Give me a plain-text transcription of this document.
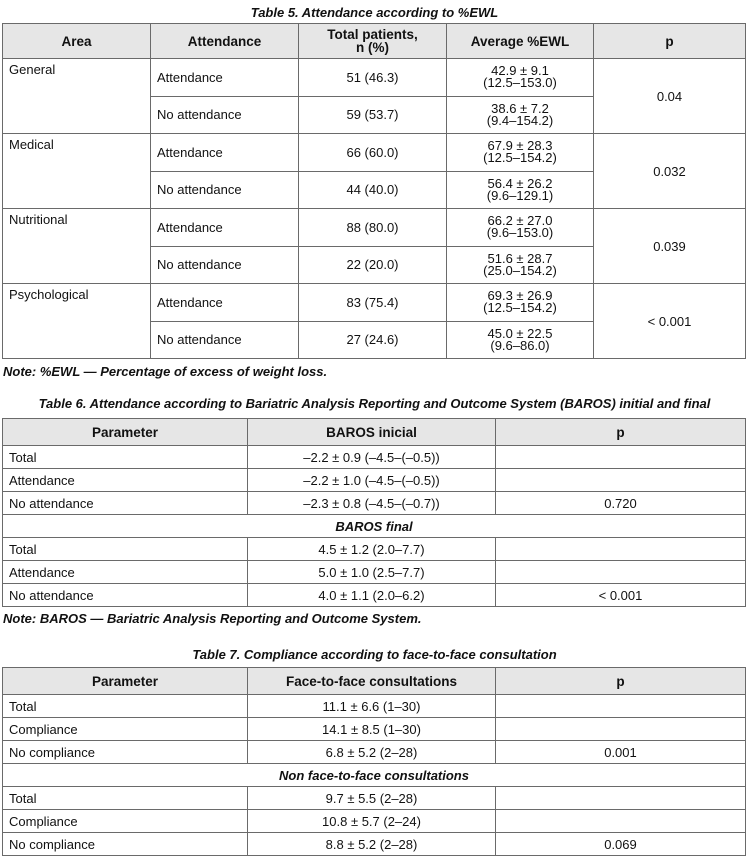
Table 5. Attendance according to %EWL
Area	Attendance	Total patients,
n (%)	Average %EWL	p
General	Attendance	51 (46.3)	42.9 ± 9.1
(12.5–153.0)	0.04
	No attendance	59 (53.7)	38.6 ± 7.2
(9.4–154.2)	
Medical	Attendance	66 (60.0)	67.9 ± 28.3
(12.5–154.2)	0.032
	No attendance	44 (40.0)	56.4 ± 26.2
(9.6–129.1)	
Nutritional	Attendance	88 (80.0)	66.2 ± 27.0
(9.6–153.0)	0.039
	No attendance	22 (20.0)	51.6 ± 28.7
(25.0–154.2)	
Psychological	Attendance	83 (75.4)	69.3 ± 26.9
(12.5–154.2)	< 0.001
	No attendance	27 (24.6)	45.0 ± 22.5
(9.6–86.0)	
Note: %EWL — Percentage of excess of weight loss.
Table 6. Attendance according to Bariatric Analysis Reporting and Outcome System (BAROS) initial and final
Parameter	BAROS inicial	p
Total	–2.2 ± 0.9 (–4.5–(–0.5))	
Attendance	–2.2 ± 1.0 (–4.5–(–0.5))	
No attendance	–2.3 ± 0.8 (–4.5–(–0.7))	0.720
BAROS final		
Total	4.5 ± 1.2 (2.0–7.7)	
Attendance	5.0 ± 1.0 (2.5–7.7)	
No attendance	4.0 ± 1.1 (2.0–6.2)	< 0.001
Note: BAROS — Bariatric Analysis Reporting and Outcome System.
Table 7. Compliance according to face-to-face consultation
Parameter	Face-to-face consultations	p
Total	11.1 ± 6.6 (1–30)	
Compliance	14.1 ± 8.5 (1–30)	
No compliance	6.8 ± 5.2 (2–28)	0.001
Non face-to-face consultations		
Total	9.7 ± 5.5 (2–28)	
Compliance	10.8 ± 5.7 (2–24)	
No compliance	8.8 ± 5.2 (2–28)	0.069
